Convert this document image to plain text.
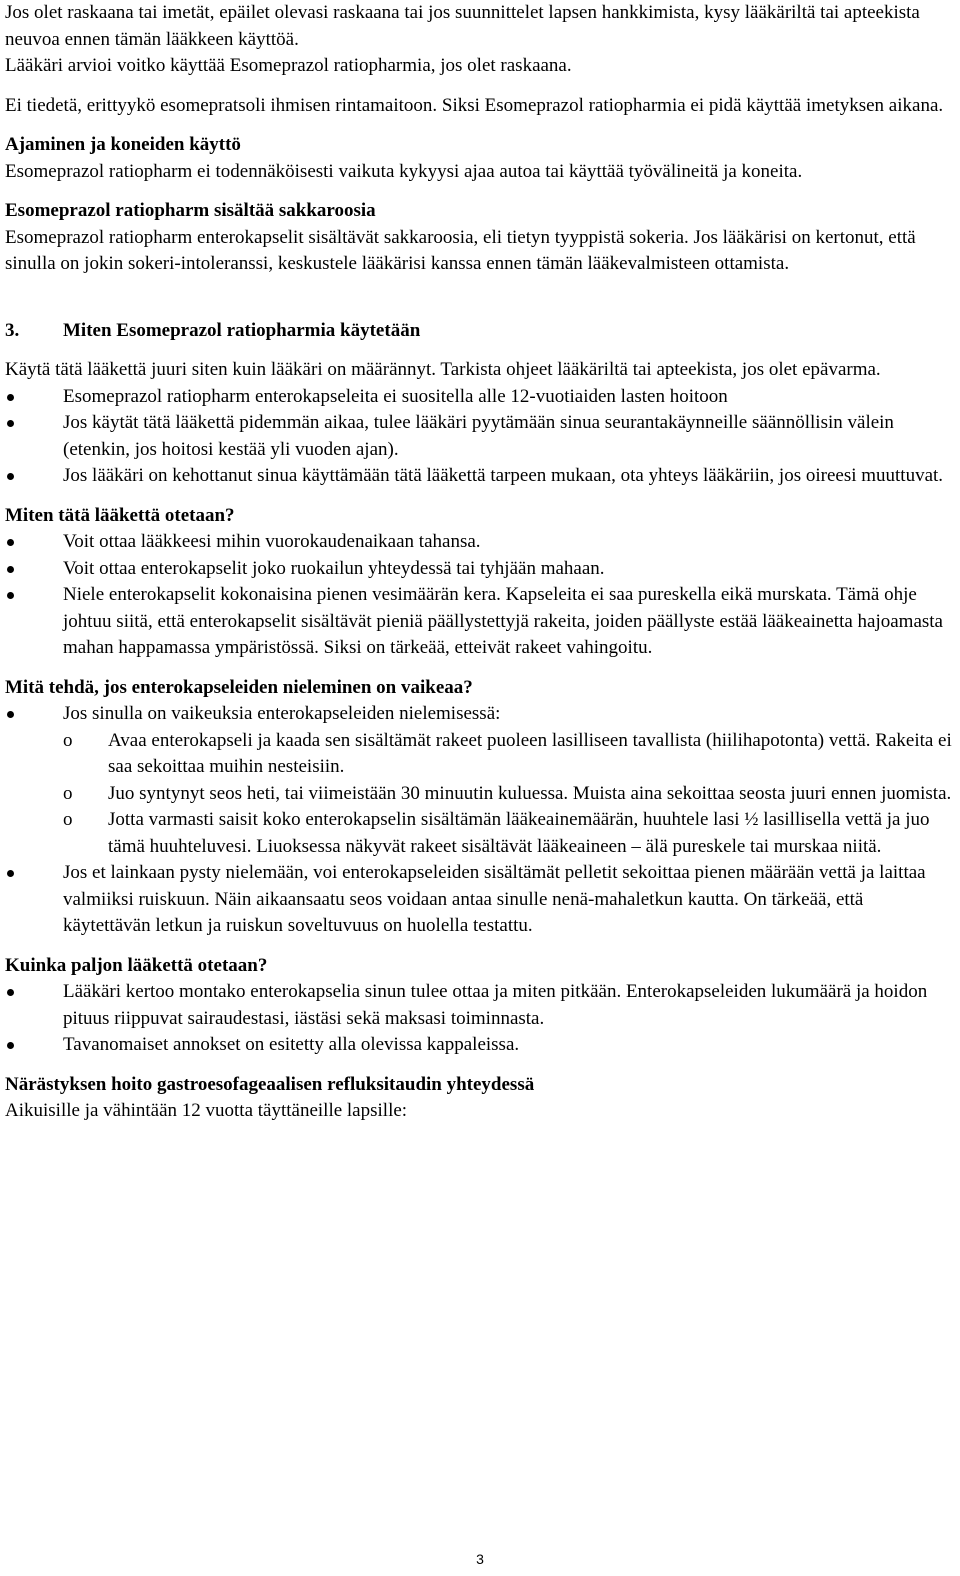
Jos olet raskaana tai imetät, epäilet olevasi raskaana tai jos suunnittelet lapsen hankkimista, kysy lääkäriltä tai apteekista neuvoa ennen tämän lääkkeen käyttöä.

Lääkäri arvioi voitko käyttää Esomeprazol ratiopharmia, jos olet raskaana.

Ei tiedetä, erittyykö esomepratsoli ihmisen rintamaitoon. Siksi Esomeprazol ratiopharmia ei pidä käyttää imetyksen aikana.

Ajaminen ja koneiden käyttö

Esomeprazol ratiopharm ei todennäköisesti vaikuta kykyysi ajaa autoa tai käyttää työvälineitä ja koneita.

Esomeprazol ratiopharm sisältää sakkaroosia

Esomeprazol ratiopharm enterokapselit sisältävät sakkaroosia, eli tietyn tyyppistä sokeria. Jos lääkärisi on kertonut, että sinulla on jokin sokeri-intoleranssi, keskustele lääkärisi kanssa ennen tämän lääkevalmisteen ottamista.

3.	Miten Esomeprazol ratiopharmia käytetään

Käytä tätä lääkettä juuri siten kuin lääkäri on määrännyt. Tarkista ohjeet lääkäriltä tai apteekista, jos olet epävarma.

Esomeprazol ratiopharm enterokapseleita ei suositella alle 12-vuotiaiden lasten hoitoon
Jos käytät tätä lääkettä pidemmän aikaa, tulee lääkäri pyytämään sinua seurantakäynneille säännöllisin välein (etenkin, jos hoitosi kestää yli vuoden ajan).
Jos lääkäri on kehottanut sinua käyttämään tätä lääkettä tarpeen mukaan, ota yhteys lääkäriin, jos oireesi muuttuvat.

Miten tätä lääkettä otetaan?

Voit ottaa lääkkeesi mihin vuorokaudenaikaan tahansa.
Voit ottaa enterokapselit joko ruokailun yhteydessä tai tyhjään mahaan.
Niele enterokapselit kokonaisina pienen vesimäärän kera. Kapseleita ei saa pureskella eikä murskata. Tämä ohje johtuu siitä, että enterokapselit sisältävät pieniä päällystettyjä rakeita, joiden päällyste estää lääkeainetta hajoamasta mahan happamassa ympäristössä. Siksi on tärkeää, etteivät rakeet vahingoitu.

Mitä tehdä, jos enterokapseleiden nieleminen on vaikeaa?

Jos sinulla on vaikeuksia enterokapseleiden nielemisessä:
o	Avaa enterokapseli ja kaada sen sisältämät rakeet puoleen lasilliseen tavallista (hiilihapotonta) vettä. Rakeita ei saa sekoittaa muihin nesteisiin.
o	Juo syntynyt seos heti, tai viimeistään 30 minuutin kuluessa. Muista aina sekoittaa seosta juuri ennen juomista.
o	Jotta varmasti saisit koko enterokapselin sisältämän lääkeainemäärän, huuhtele lasi ½ lasillisella vettä ja juo tämä huuhteluvesi. Liuoksessa näkyvät rakeet sisältävät lääkeaineen – älä pureskele tai murskaa niitä.
Jos et lainkaan pysty nielemään, voi enterokapseleiden sisältämät pelletit sekoittaa pienen määrään vettä ja laittaa valmiiksi ruiskuun. Näin aikaansaatu seos voidaan antaa sinulle nenä-mahaletkun kautta. On tärkeää, että käytettävän letkun ja ruiskun soveltuvuus on huolella testattu.

Kuinka paljon lääkettä otetaan?

Lääkäri kertoo montako enterokapselia sinun tulee ottaa ja miten pitkään. Enterokapseleiden lukumäärä ja hoidon pituus riippuvat sairaudestasi, iästäsi sekä maksasi toiminnasta.
Tavanomaiset annokset on esitetty alla olevissa kappaleissa.

Närästyksen hoito gastroesofageaalisen refluksitaudin yhteydessä

Aikuisille ja vähintään 12 vuotta täyttäneille lapsille:

3
